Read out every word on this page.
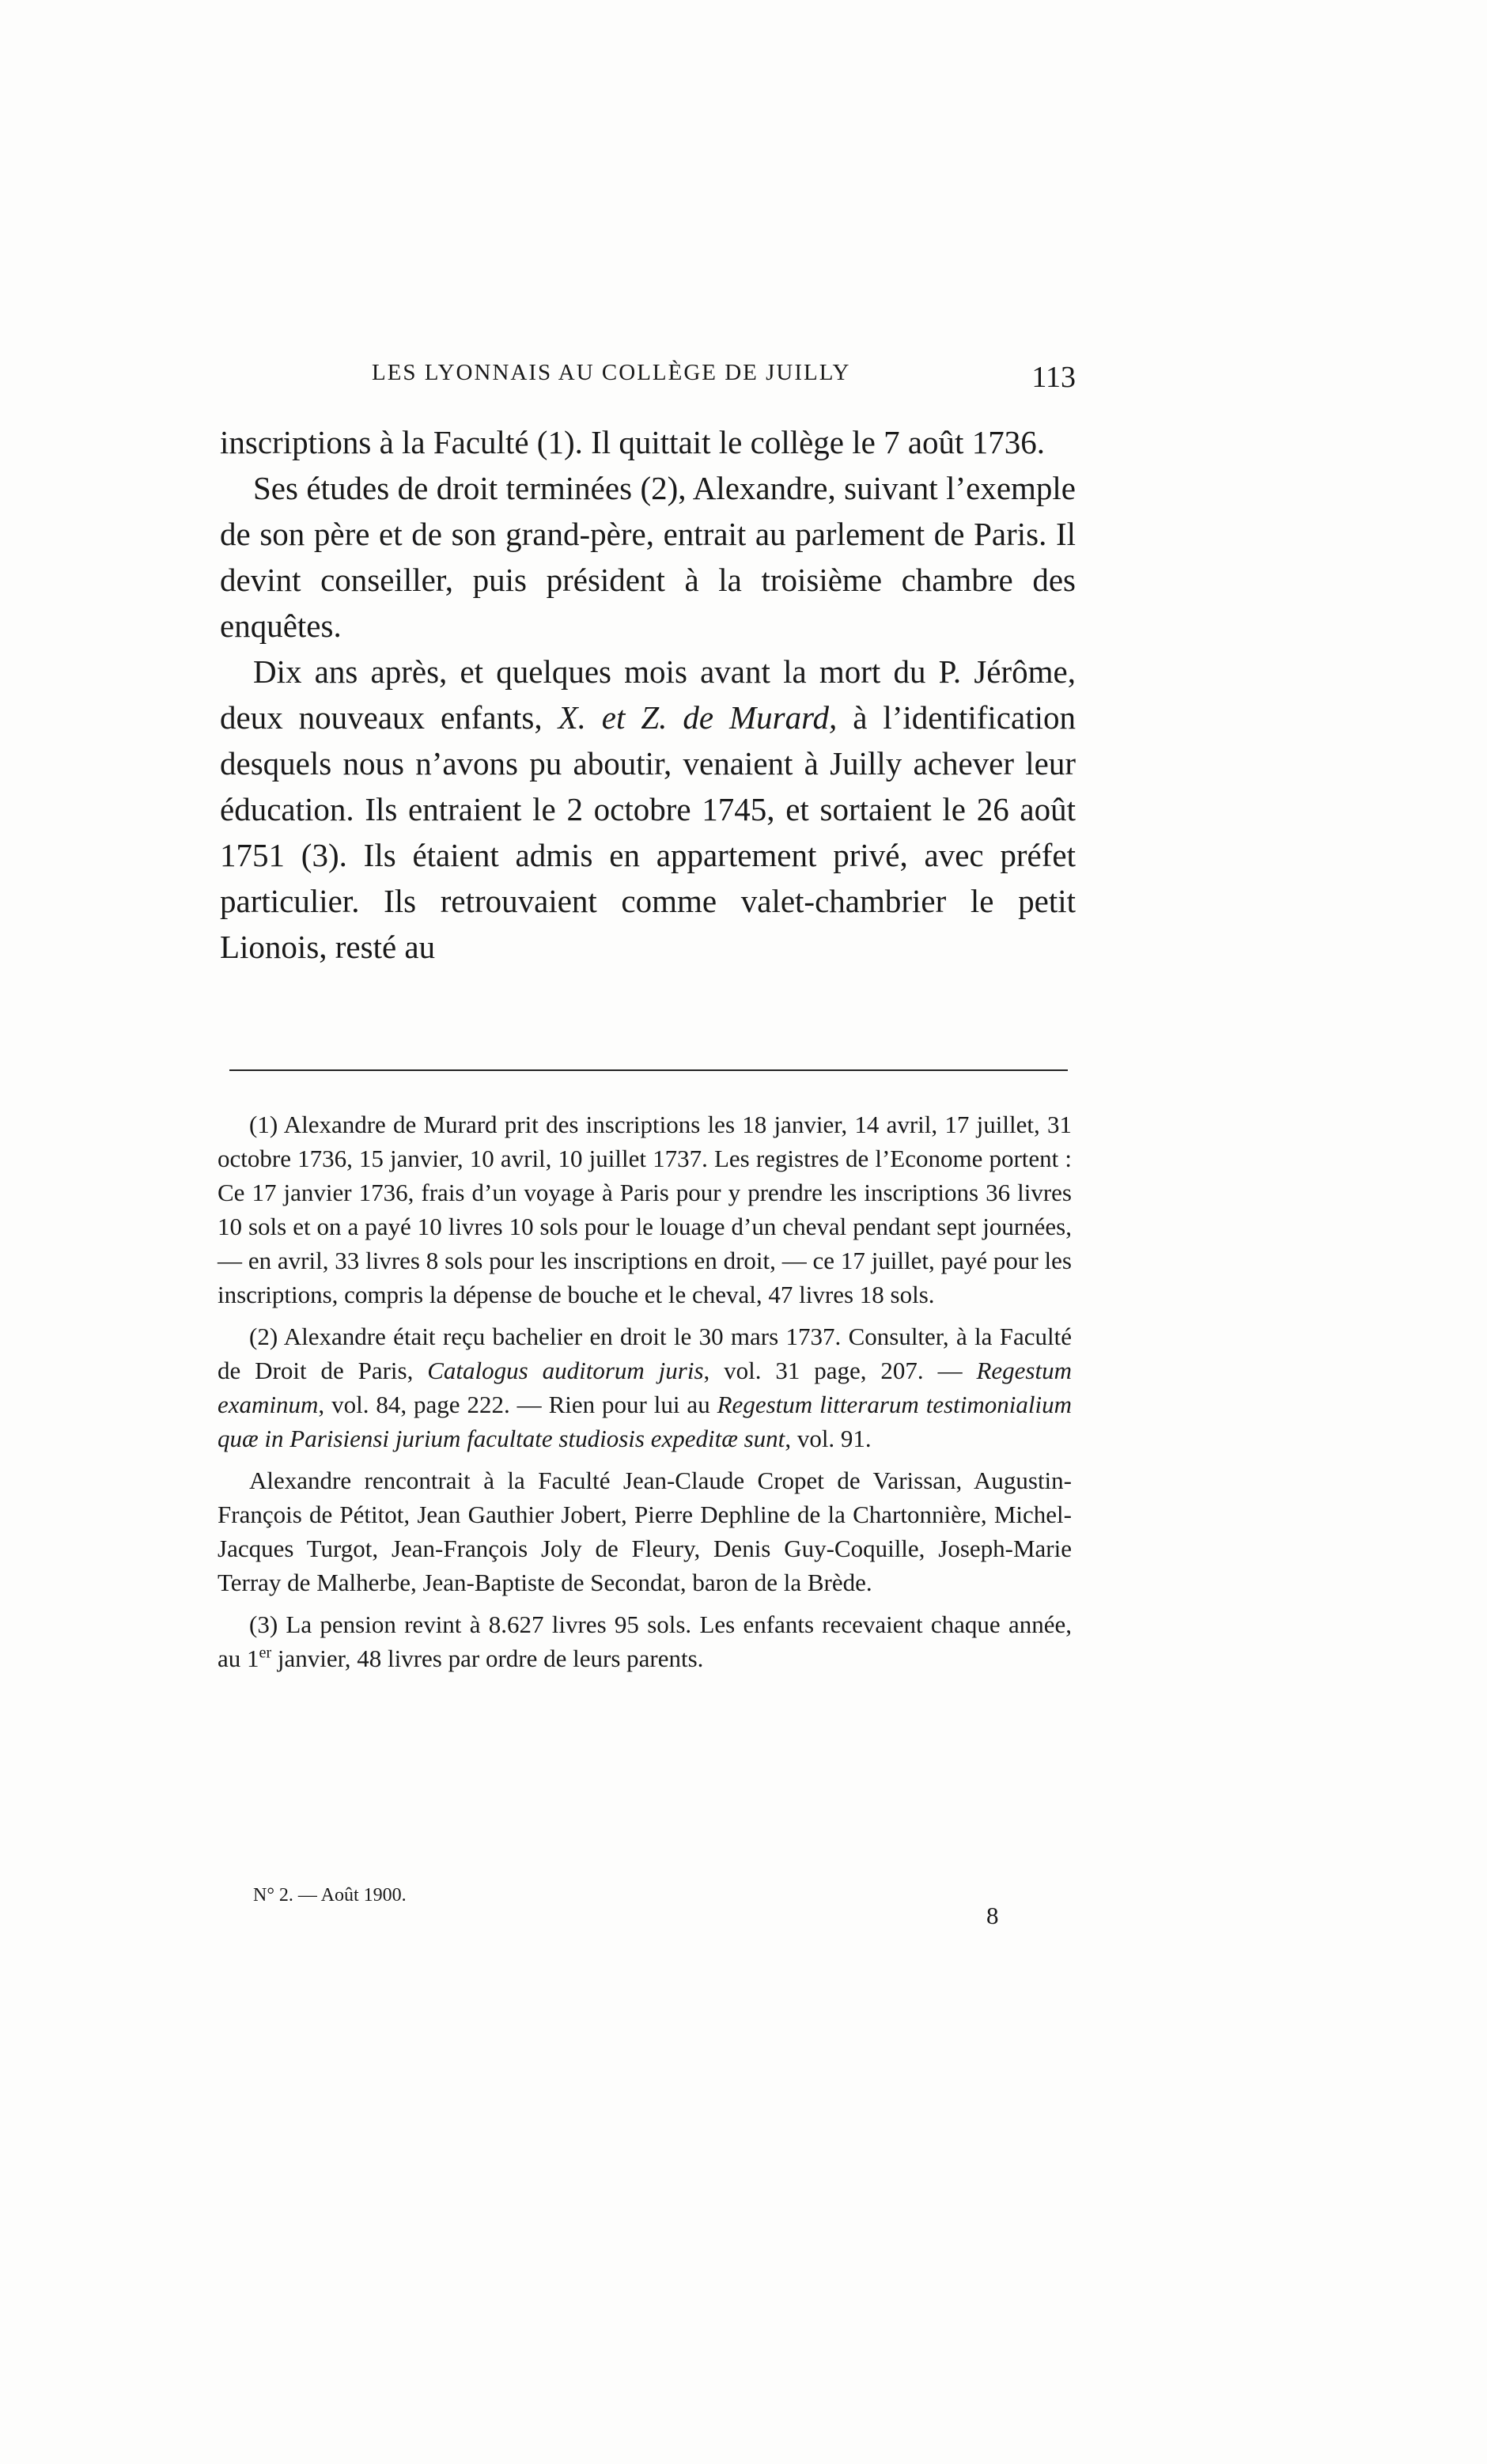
LES LYONNAIS AU COLLÈGE DE JUILLY	113

inscriptions à la Faculté (1). Il quittait le collège le 7 août 1736.

Ses études de droit terminées (2), Alexandre, suivant l’exemple de son père et de son grand-père, entrait au parlement de Paris. Il devint conseiller, puis président à la troisième chambre des enquêtes.

Dix ans après, et quelques mois avant la mort du P. Jérôme, deux nouveaux enfants, X. et Z. de Murard, à l’identification desquels nous n’avons pu aboutir, venaient à Juilly achever leur éducation. Ils entraient le 2 octobre 1745, et sortaient le 26 août 1751 (3). Ils étaient admis en appartement privé, avec préfet particulier. Ils retrouvaient comme valet-chambrier le petit Lionois, resté au

(1) Alexandre de Murard prit des inscriptions les 18 janvier, 14 avril, 17 juillet, 31 octobre 1736, 15 janvier, 10 avril, 10 juillet 1737. Les registres de l’Econome portent : Ce 17 janvier 1736, frais d’un voyage à Paris pour y prendre les inscriptions 36 livres 10 sols et on a payé 10 livres 10 sols pour le louage d’un cheval pendant sept journées, — en avril, 33 livres 8 sols pour les inscriptions en droit, — ce 17 juillet, payé pour les inscriptions, compris la dépense de bouche et le cheval, 47 livres 18 sols.

(2) Alexandre était reçu bachelier en droit le 30 mars 1737. Consulter, à la Faculté de Droit de Paris, Catalogus auditorum juris, vol. 31 page, 207. — Regestum examinum, vol. 84, page 222. — Rien pour lui au Regestum litterarum testimonialium quæ in Parisiensi jurium facultate studiosis expeditæ sunt, vol. 91.

Alexandre rencontrait à la Faculté Jean-Claude Cropet de Varissan, Augustin-François de Pétitot, Jean Gauthier Jobert, Pierre Dephline de la Chartonnière, Michel-Jacques Turgot, Jean-François Joly de Fleury, Denis Guy-Coquille, Joseph-Marie Terray de Malherbe, Jean-Baptiste de Secondat, baron de la Brède.

(3) La pension revint à 8.627 livres 95 sols. Les enfants recevaient chaque année, au 1er janvier, 48 livres par ordre de leurs parents.

N° 2. — Août 1900.
8
